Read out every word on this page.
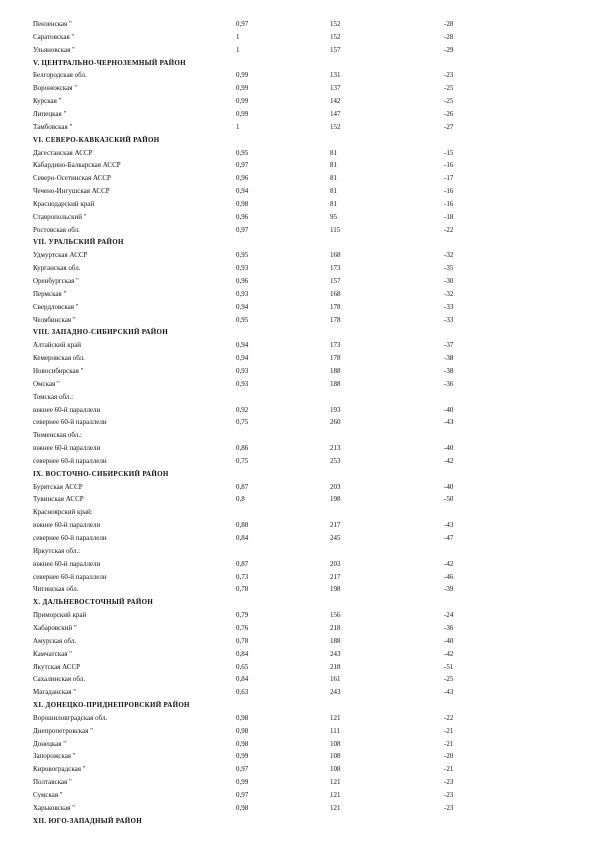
Пензенская "	0,97	152	-28
Саратовская "	1	152	-28
Ульяновская "	1	157	-29
V. ЦЕНТРАЛЬНО-ЧЕРНОЗЕМНЫЙ РАЙОН
Белгородская обл.	0,99	131	-23
Воронежская "	0,99	137	-25
Курская "	0,99	142	-25
Липецкая "	0,99	147	-26
Тамбовская "	1	152	-27
VI. СЕВЕРО-КАВКАЗСКИЙ РАЙОН
Дагестанская АССР	0,95	81	-15
Кабардино-Балкарская АССР	0,97	81	-16
Северо-Осетинская АССР	0,96	81	-17
Чечено-Ингушская АССР	0,94	81	-16
Краснодарский край	0,98	81	-16
Ставропольский "	0,96	95	-18
Ростовская обл.	0,97	115	-22
VII. УРАЛЬСКИЙ РАЙОН
Удмуртская АССР	0,95	168	-32
Курганская обл.	0,93	173	-35
Оренбургская "	0,96	157	-30
Пермская "	0,93	168	-32
Свердловская "	0,94	178	-33
Челябинская "	0,95	178	-33
VIII. ЗАПАДНО-СИБИРСКИЙ РАЙОН
Алтайский край	0,94	173	-37
Кемеровская обл.	0,94	178	-38
Новосибирская "	0,93	188	-38
Омская "	0,93	188	-36
Томская обл.:
южнее 60-й параллели	0,92	193	-40
севернее 60-й параллели	0,75	260	-43
Тюменская обл.:
южнее 60-й параллели	0,86	213	-40
севернее 60-й параллели	0,75	253	-42
IX. ВОСТОЧНО-СИБИРСКИЙ РАЙОН
Бурятская АССР	0,87	203	-40
Тувинская АССР	0,8	198	-50
Красноярский край:
южнее 60-й параллели	0,88	217	-43
севернее 60-й параллели	0,84	245	-47
Иркутская обл.:
южнее 60-й параллели	0,87	203	-42
севернее 60-й параллели	0,73	217	-46
Читинская обл.	0,78	198	-39
X. ДАЛЬНЕВОСТОЧНЫЙ РАЙОН
Приморский край	0,79	156	-24
Хабаровский "	0,76	218	-36
Амурская обл.	0,78	188	-40
Камчатская "	0,84	243	-42
Якутская АССР	0,65	218	-51
Сахалинская обл.	0,84	161	-25
Магаданская "	0,63	243	-43
XI. ДОНЕЦКО-ПРИДНЕПРОВСКИЙ РАЙОН
Ворошиловградская обл.	0,98	121	-22
Днепропетровская "	0,98	111	-21
Донецкая "	0,98	108	-21
Запорожская "	0,99	108	-20
Кировоградская "	0,97	108	-21
Полтавская "	0,99	121	-23
Сумская "	0,97	121	-23
Харьковская "	0,98	121	-23
XII. ЮГО-ЗАПАДНЫЙ РАЙОН
